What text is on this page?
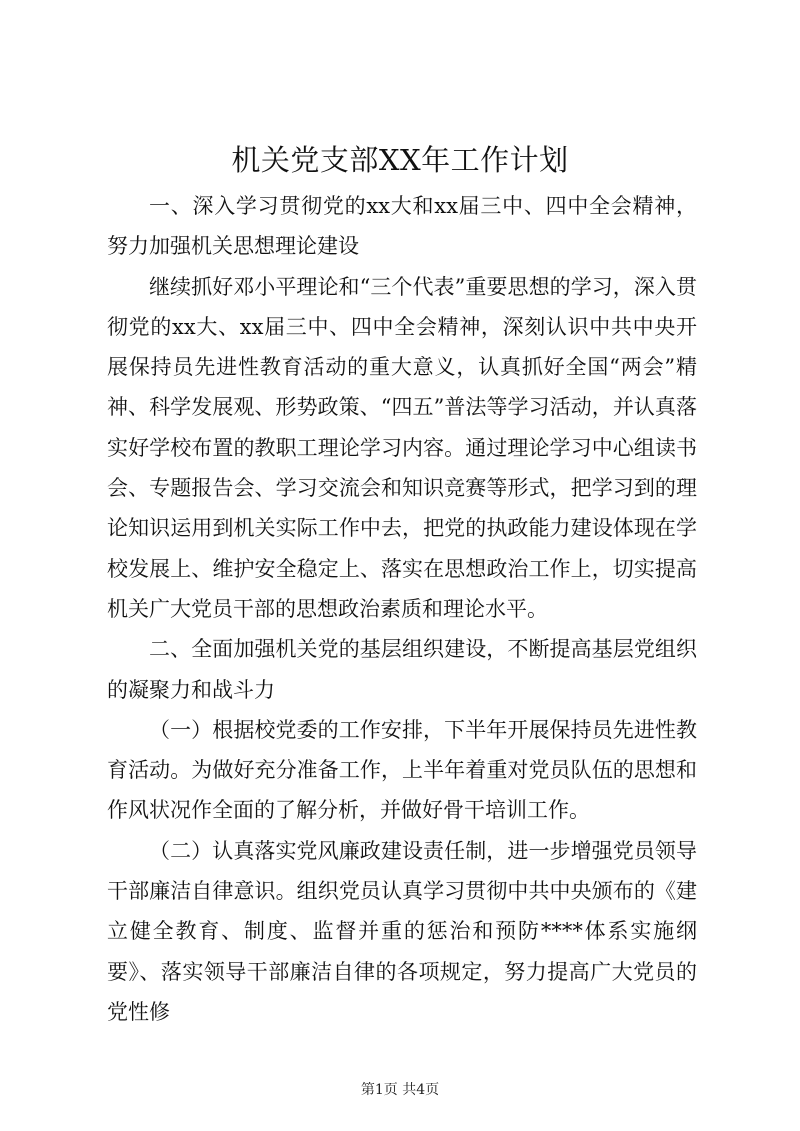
机关党支部XX年工作计划

一、深入学习贯彻党的xx大和xx届三中、四中全会精神，努力加强机关思想理论建设

继续抓好邓小平理论和“三个代表”重要思想的学习，深入贯彻党的xx大、xx届三中、四中全会精神，深刻认识中共中央开展保持员先进性教育活动的重大意义，认真抓好全国“两会”精神、科学发展观、形势政策、“四五”普法等学习活动，并认真落实好学校布置的教职工理论学习内容。通过理论学习中心组读书会、专题报告会、学习交流会和知识竞赛等形式，把学习到的理论知识运用到机关实际工作中去，把党的执政能力建设体现在学校发展上、维护安全稳定上、落实在思想政治工作上，切实提高机关广大党员干部的思想政治素质和理论水平。

二、全面加强机关党的基层组织建设，不断提高基层党组织的凝聚力和战斗力

（一）根据校党委的工作安排，下半年开展保持员先进性教育活动。为做好充分准备工作，上半年着重对党员队伍的思想和作风状况作全面的了解分析，并做好骨干培训工作。

（二）认真落实党风廉政建设责任制，进一步增强党员领导干部廉洁自律意识。组织党员认真学习贯彻中共中央颁布的《建立健全教育、制度、监督并重的惩治和预防****体系实施纲要》、落实领导干部廉洁自律的各项规定，努力提高广大党员的党性修

第1页 共4页
